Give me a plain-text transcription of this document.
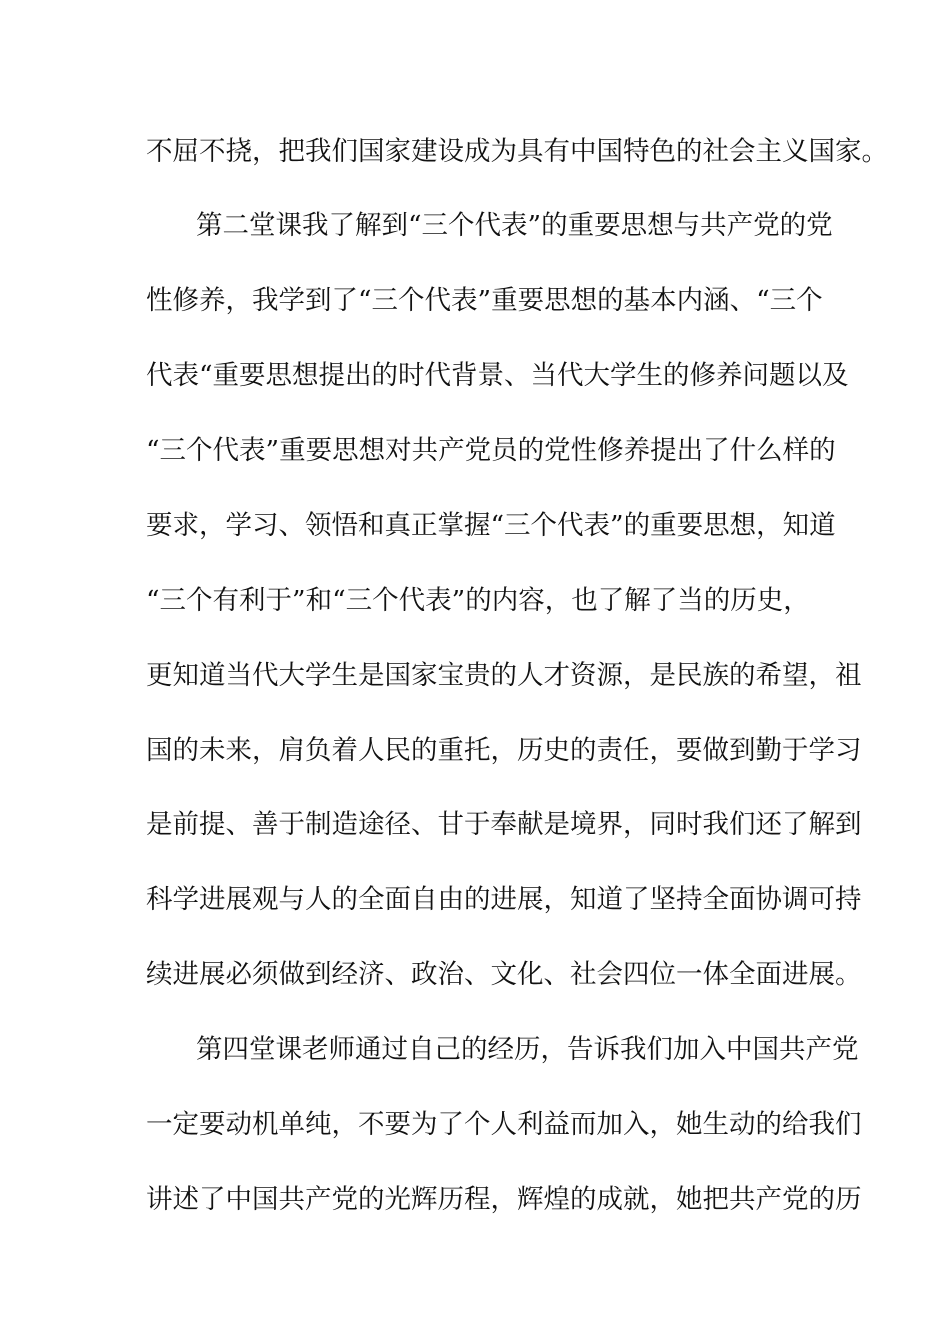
不屈不挠，把我们国家建设成为具有中国特色的社会主义国家。
第二堂课我了解到“三个代表”的重要思想与共产党的党
性修养，我学到了“三个代表”重要思想的基本内涵、“三个
代表“重要思想提出的时代背景、当代大学生的修养问题以及
“三个代表”重要思想对共产党员的党性修养提出了什么样的
要求，学习、领悟和真正掌握“三个代表”的重要思想，知道
“三个有利于”和“三个代表”的内容，也了解了当的历史，
更知道当代大学生是国家宝贵的人才资源，是民族的希望，祖
国的未来，肩负着人民的重托，历史的责任，要做到勤于学习
是前提、善于制造途径、甘于奉献是境界，同时我们还了解到
科学进展观与人的全面自由的进展，知道了坚持全面协调可持
续进展必须做到经济、政治、文化、社会四位一体全面进展。
第四堂课老师通过自己的经历，告诉我们加入中国共产党
一定要动机单纯，不要为了个人利益而加入，她生动的给我们
讲述了中国共产党的光辉历程，辉煌的成就，她把共产党的历
